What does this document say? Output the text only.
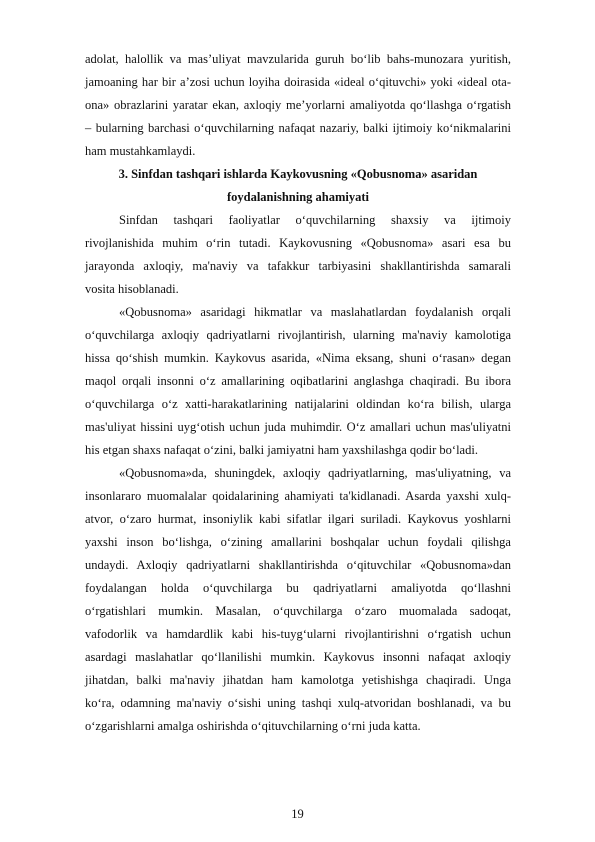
adolat, halollik va mas’uliyat mavzularida guruh bo‘lib bahs-munozara yuritish,
jamoaning har bir a’zosi uchun loyiha doirasida «ideal o‘qituvchi» yoki «ideal ota-
ona» obrazlarini yaratar ekan, axloqiy me’yorlarni amaliyotda qo‘llashga o‘rgatish
– bularning barchasi o‘quvchilarning nafaqat nazariy, balki ijtimoiy ko‘nikmalarini
ham mustahkamlaydi.
3. Sinfdan tashqari ishlarda Kaykovusning «Qobusnoma» asaridan
foydalanishning ahamiyati
Sinfdan tashqari faoliyatlar o‘quvchilarning shaxsiy va ijtimoiy
rivojlanishida muhim o‘rin tutadi. Kaykovusning «Qobusnoma» asari esa bu
jarayonda axloqiy, ma'naviy va tafakkur tarbiyasini shakllantirishda samarali
vosita hisoblanadi.
«Qobusnoma» asaridagi hikmatlar va maslahatlardan foydalanish orqali
o‘quvchilarga axloqiy qadriyatlarni rivojlantirish, ularning ma'naviy kamolotiga
hissa qo‘shish mumkin. Kaykovus asarida, «Nima eksang, shuni o‘rasan» degan
maqol orqali insonni o‘z amallarining oqibatlarini anglashga chaqiradi. Bu ibora
o‘quvchilarga o‘z xatti-harakatlarining natijalarini oldindan ko‘ra bilish, ularga
mas'uliyat hissini uyg‘otish uchun juda muhimdir. O‘z amallari uchun mas'uliyatni
his etgan shaxs nafaqat o‘zini, balki jamiyatni ham yaxshilashga qodir bo‘ladi.
«Qobusnoma»da, shuningdek, axloqiy qadriyatlarning, mas'uliyatning, va
insonlararo muomalalar qoidalarining ahamiyati ta'kidlanadi. Asarda yaxshi xulq-
atvor, o‘zaro hurmat, insoniylik kabi sifatlar ilgari suriladi. Kaykovus yoshlarni
yaxshi inson bo‘lishga, o‘zining amallarini boshqalar uchun foydali qilishga
undaydi. Axloqiy qadriyatlarni shakllantirishda o‘qituvchilar «Qobusnoma»dan
foydalangan holda o‘quvchilarga bu qadriyatlarni amaliyotda qo‘llashni
o‘rgatishlari mumkin. Masalan, o‘quvchilarga o‘zaro muomalada sadoqat,
vafodorlik va hamdardlik kabi his-tuyg‘ularni rivojlantirishni o‘rgatish uchun
asardagi maslahatlar qo‘llanilishi mumkin. Kaykovus insonni nafaqat axloqiy
jihatdan, balki ma'naviy jihatdan ham kamolotga yetishishga chaqiradi. Unga
ko‘ra, odamning ma'naviy o‘sishi uning tashqi xulq-atvoridan boshlanadi, va bu
o‘zgarishlarni amalga oshirishda o‘qituvchilarning o‘rni juda katta.
19
